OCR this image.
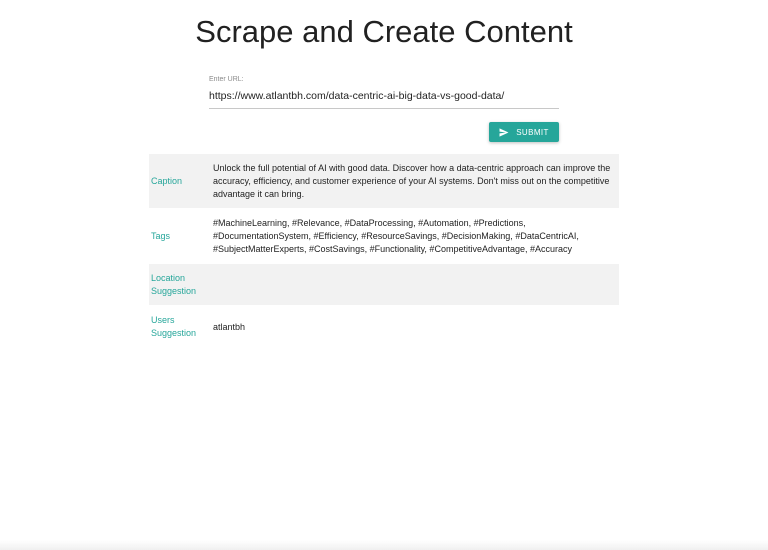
Scrape and Create Content
Enter URL:
https://www.atlantbh.com/data-centric-ai-big-data-vs-good-data/
SUBMIT
Caption
Unlock the full potential of AI with good data. Discover how a data-centric approach can improve the accuracy, efficiency, and customer experience of your AI systems. Don't miss out on the competitive advantage it can bring.
Tags
#MachineLearning, #Relevance, #DataProcessing, #Automation, #Predictions, #DocumentationSystem, #Efficiency, #ResourceSavings, #DecisionMaking, #DataCentricAI, #SubjectMatterExperts, #CostSavings, #Functionality, #CompetitiveAdvantage, #Accuracy
Location Suggestion
Users Suggestion
atlantbh
